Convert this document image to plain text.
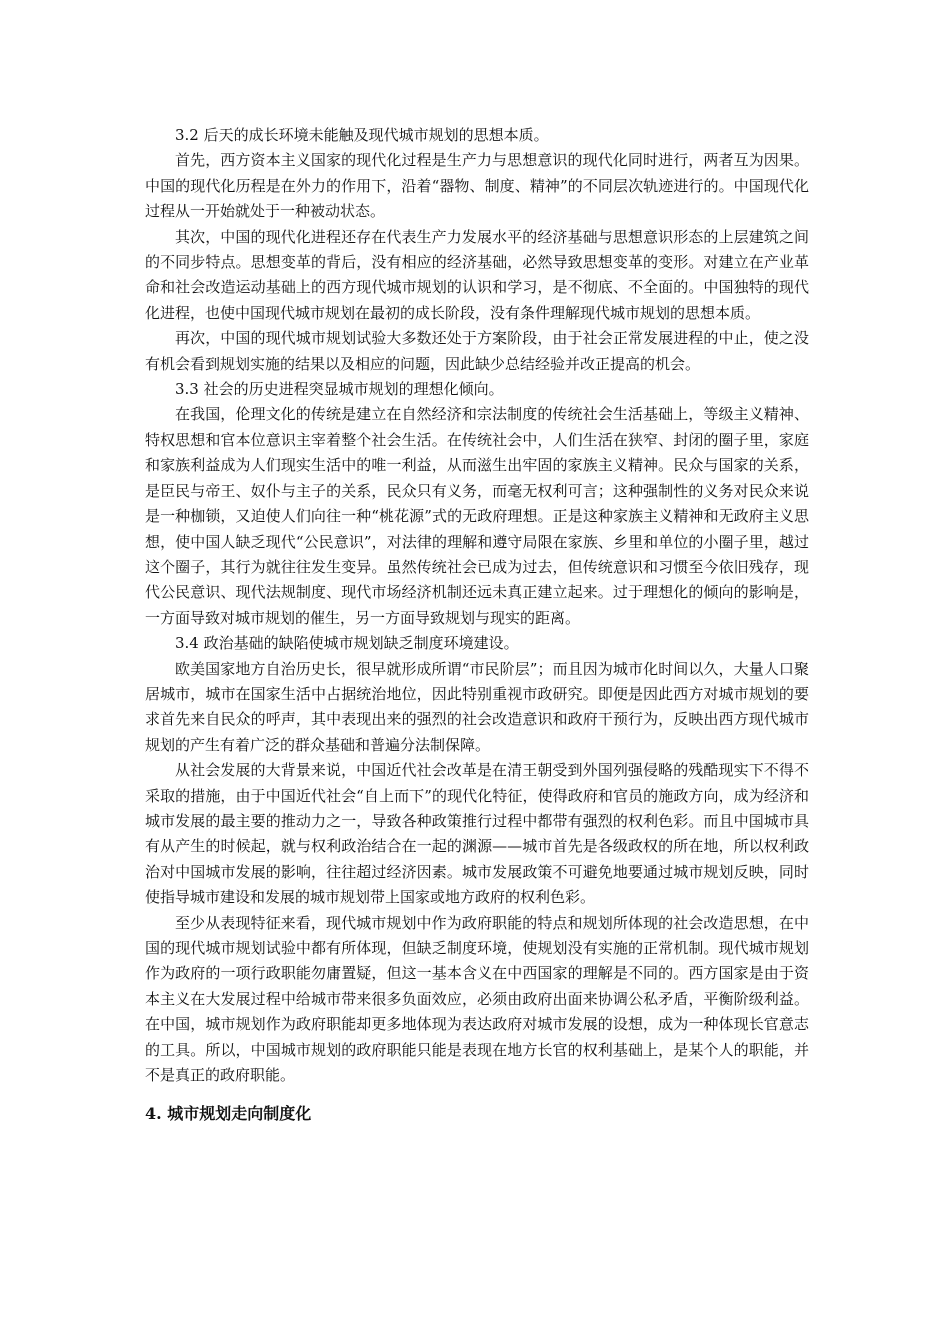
3.2 后天的成长环境未能触及现代城市规划的思想本质。

首先，西方资本主义国家的现代化过程是生产力与思想意识的现代化同时进行，两者互为因果。中国的现代化历程是在外力的作用下，沿着“器物、制度、精神”的不同层次轨迹进行的。中国现代化过程从一开始就处于一种被动状态。

其次，中国的现代化进程还存在代表生产力发展水平的经济基础与思想意识形态的上层建筑之间的不同步特点。思想变革的背后，没有相应的经济基础，必然导致思想变革的变形。对建立在产业革命和社会改造运动基础上的西方现代城市规划的认识和学习，是不彻底、不全面的。中国独特的现代化进程，也使中国现代城市规划在最初的成长阶段，没有条件理解现代城市规划的思想本质。

再次，中国的现代城市规划试验大多数还处于方案阶段，由于社会正常发展进程的中止，使之没有机会看到规划实施的结果以及相应的问题，因此缺少总结经验并改正提高的机会。

3.3 社会的历史进程突显城市规划的理想化倾向。

在我国，伦理文化的传统是建立在自然经济和宗法制度的传统社会生活基础上，等级主义精神、特权思想和官本位意识主宰着整个社会生活。在传统社会中，人们生活在狭窄、封闭的圈子里，家庭和家族利益成为人们现实生活中的唯一利益，从而滋生出牢固的家族主义精神。民众与国家的关系，是臣民与帝王、奴仆与主子的关系，民众只有义务，而毫无权利可言；这种强制性的义务对民众来说是一种枷锁，又迫使人们向往一种“桃花源”式的无政府理想。正是这种家族主义精神和无政府主义思想，使中国人缺乏现代“公民意识”，对法律的理解和遵守局限在家族、乡里和单位的小圈子里，越过这个圈子，其行为就往往发生变异。虽然传统社会已成为过去，但传统意识和习惯至今依旧残存，现代公民意识、现代法规制度、现代市场经济机制还远未真正建立起来。过于理想化的倾向的影响是，一方面导致对城市规划的催生，另一方面导致规划与现实的距离。

3.4 政治基础的缺陷使城市规划缺乏制度环境建设。

欧美国家地方自治历史长，很早就形成所谓“市民阶层”；而且因为城市化时间以久，大量人口聚居城市，城市在国家生活中占据统治地位，因此特别重视市政研究。即便是因此西方对城市规划的要求首先来自民众的呼声，其中表现出来的强烈的社会改造意识和政府干预行为，反映出西方现代城市规划的产生有着广泛的群众基础和普遍分法制保障。

从社会发展的大背景来说，中国近代社会改革是在清王朝受到外国列强侵略的残酷现实下不得不采取的措施，由于中国近代社会“自上而下”的现代化特征，使得政府和官员的施政方向，成为经济和城市发展的最主要的推动力之一，导致各种政策推行过程中都带有强烈的权利色彩。而且中国城市具有从产生的时候起，就与权利政治结合在一起的渊源——城市首先是各级政权的所在地，所以权利政治对中国城市发展的影响，往往超过经济因素。城市发展政策不可避免地要通过城市规划反映，同时使指导城市建设和发展的城市规划带上国家或地方政府的权利色彩。

至少从表现特征来看，现代城市规划中作为政府职能的特点和规划所体现的社会改造思想，在中国的现代城市规划试验中都有所体现，但缺乏制度环境，使规划没有实施的正常机制。现代城市规划作为政府的一项行政职能勿庸置疑，但这一基本含义在中西国家的理解是不同的。西方国家是由于资本主义在大发展过程中给城市带来很多负面效应，必须由政府出面来协调公私矛盾，平衡阶级利益。在中国，城市规划作为政府职能却更多地体现为表达政府对城市发展的设想，成为一种体现长官意志的工具。所以，中国城市规划的政府职能只能是表现在地方长官的权利基础上，是某个人的职能，并不是真正的政府职能。

4. 城市规划走向制度化
